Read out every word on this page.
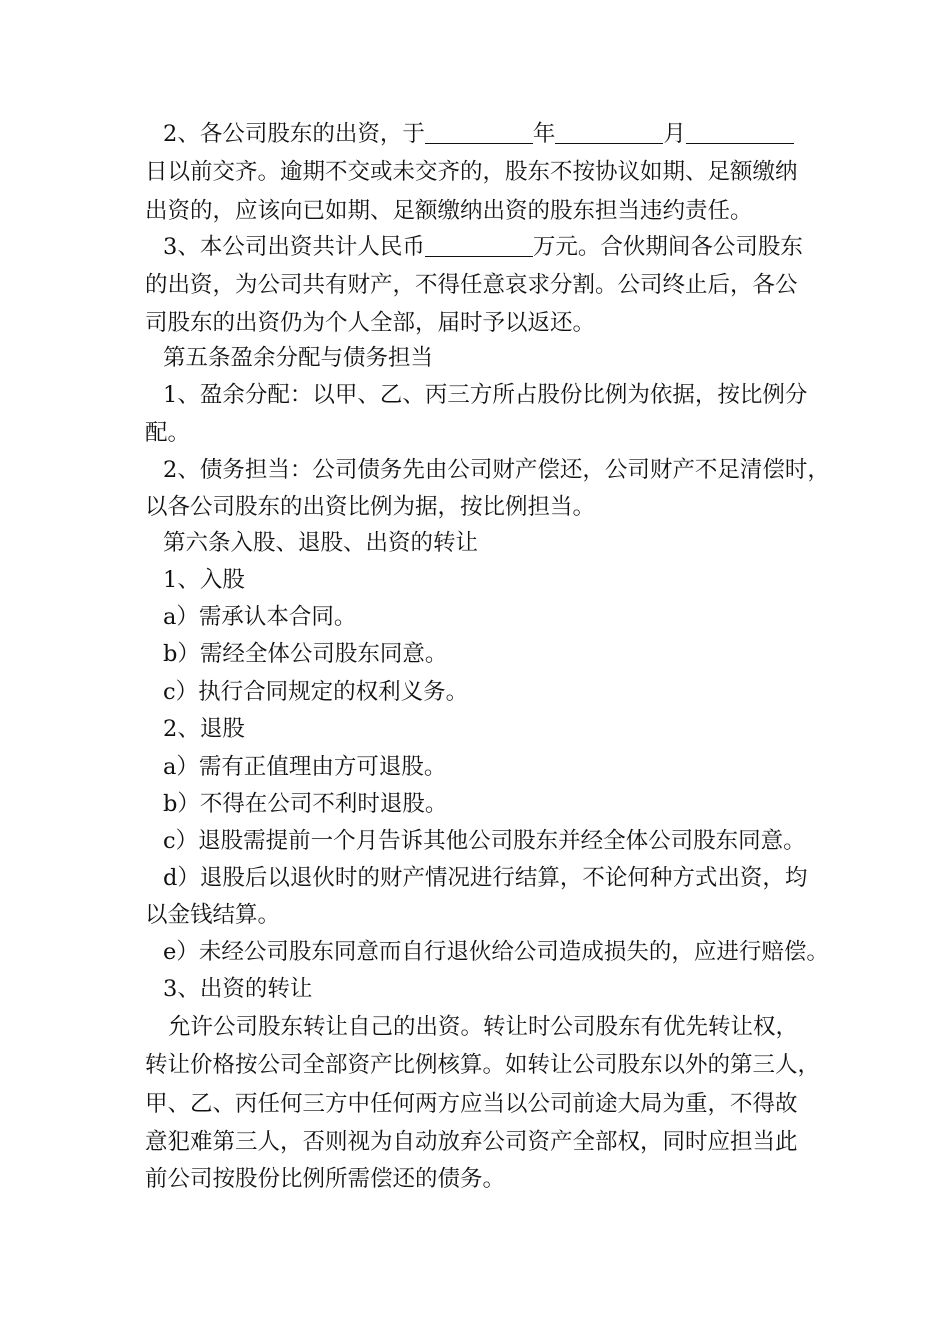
2、各公司股东的出资，于	年	月
日以前交齐。逾期不交或未交齐的，股东不按协议如期、足额缴纳
出资的，应该向已如期、足额缴纳出资的股东担当违约责任。
3、本公司出资共计人民币	万元。合伙期间各公司股东
的出资，为公司共有财产，不得任意哀求分割。公司终止后，各公
司股东的出资仍为个人全部，届时予以返还。
第五条盈余分配与债务担当
1、盈余分配：以甲、乙、丙三方所占股份比例为依据，按比例分
配。
2、债务担当：公司债务先由公司财产偿还，公司财产不足清偿时，
以各公司股东的出资比例为据，按比例担当。
第六条入股、退股、出资的转让
1、入股
a）需承认本合同。
b）需经全体公司股东同意。
c）执行合同规定的权利义务。
2、退股
a）需有正值理由方可退股。
b）不得在公司不利时退股。
c）退股需提前一个月告诉其他公司股东并经全体公司股东同意。
d）退股后以退伙时的财产情况进行结算，不论何种方式出资，均
以金钱结算。
e）未经公司股东同意而自行退伙给公司造成损失的，应进行赔偿。
3、出资的转让
允许公司股东转让自己的出资。转让时公司股东有优先转让权，
转让价格按公司全部资产比例核算。如转让公司股东以外的第三人，
甲、乙、丙任何三方中任何两方应当以公司前途大局为重，不得故
意犯难第三人，否则视为自动放弃公司资产全部权，同时应担当此
前公司按股份比例所需偿还的债务。
